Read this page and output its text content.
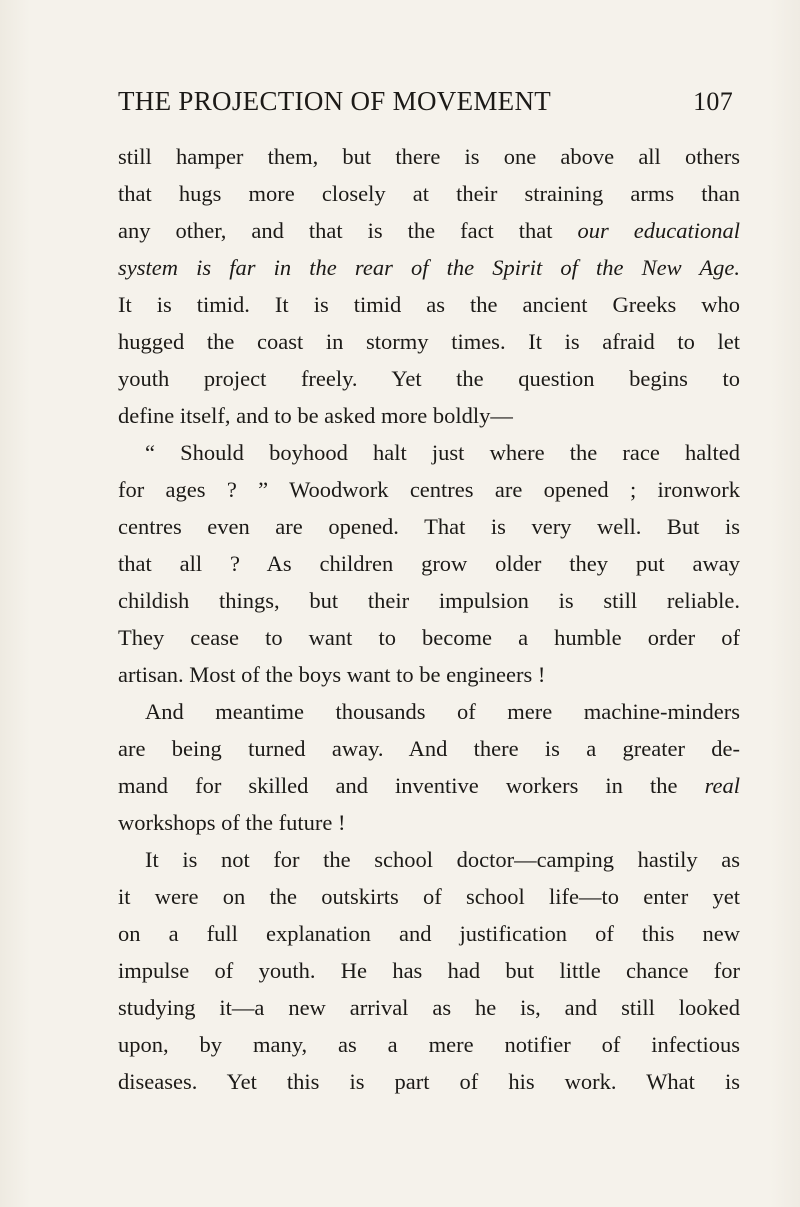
THE PROJECTION OF MOVEMENT	107
still hamper them, but there is one above all others
that hugs more closely at their straining arms than
any other, and that is the fact that our educational
system is far in the rear of the Spirit of the New Age.
It is timid. It is timid as the ancient Greeks who
hugged the coast in stormy times. It is afraid to let
youth project freely. Yet the question begins to
define itself, and to be asked more boldly—
“ Should boyhood halt just where the race halted
for ages ? ” Woodwork centres are opened ; ironwork
centres even are opened. That is very well. But is
that all ? As children grow older they put away
childish things, but their impulsion is still reliable.
They cease to want to become a humble order of
artisan. Most of the boys want to be engineers !
And meantime thousands of mere machine-minders
are being turned away. And there is a greater de-
mand for skilled and inventive workers in the real
workshops of the future !
It is not for the school doctor—camping hastily as
it were on the outskirts of school life—to enter yet
on a full explanation and justification of this new
impulse of youth. He has had but little chance for
studying it—a new arrival as he is, and still looked
upon, by many, as a mere notifier of infectious
diseases. Yet this is part of his work. What is
